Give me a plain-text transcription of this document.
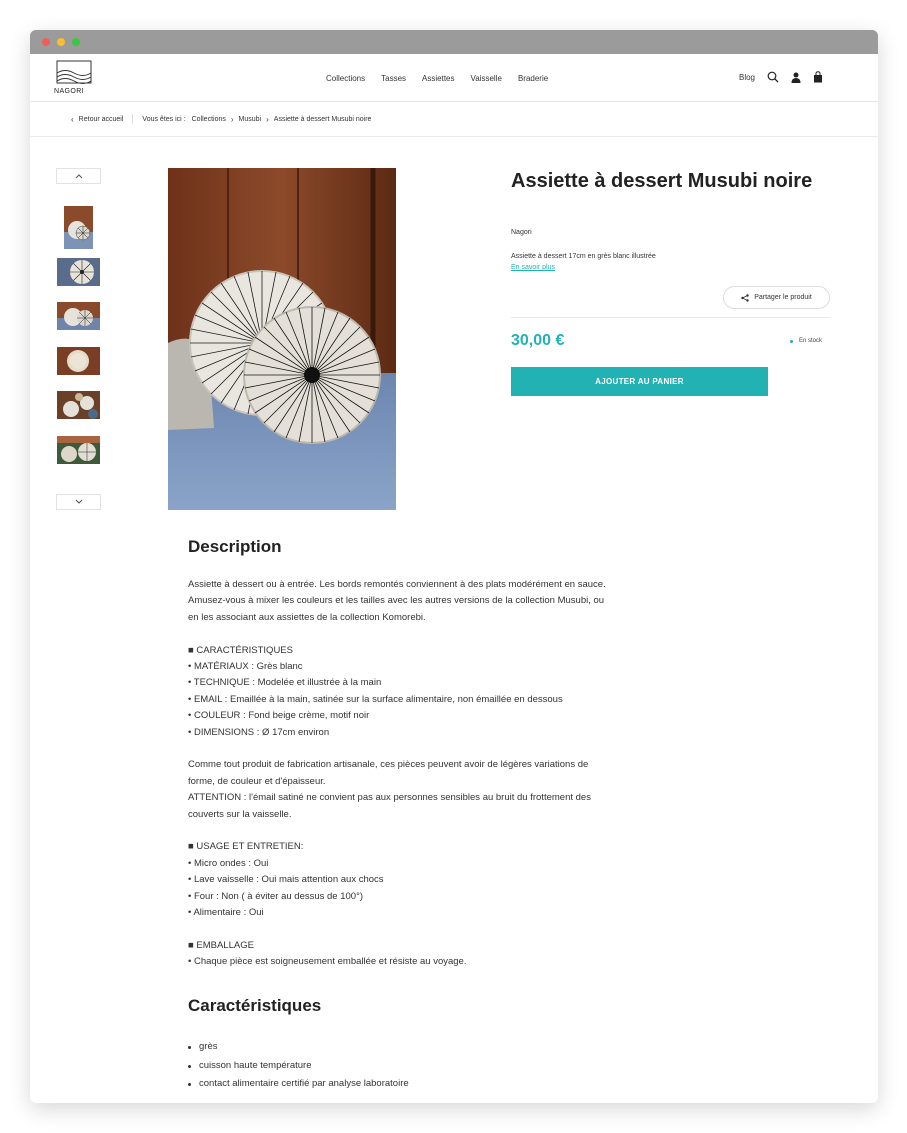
NAGORI
Collections Tasses Assiettes Vaisselle Braderie	Blog
‹ Retour accueil	Vous êtes ici : Collections › Musubi › Assiette à dessert Musubi noire
Assiette à dessert Musubi noire
Nagori
Assiette à dessert 17cm en grès blanc illustrée
En savoir plus
Partager le produit
30,00 €	En stock
AJOUTER AU PANIER
Description

Assiette à dessert ou à entrée. Les bords remontés conviennent à des plats modérément en sauce.
Amusez-vous à mixer les couleurs et les tailles avec les autres versions de la collection Musubi, ou
en les associant aux assiettes de la collection Komorebi.

■ CARACTÉRISTIQUES
• MATÉRIAUX : Grès blanc
• TECHNIQUE : Modelée et illustrée à la main
• EMAIL : Emaillée à la main, satinée sur la surface alimentaire, non émaillée en dessous
• COULEUR : Fond beige crème, motif noir
• DIMENSIONS : Ø 17cm environ

Comme tout produit de fabrication artisanale, ces pièces peuvent avoir de légères variations de
forme, de couleur et d'épaisseur.
ATTENTION : l'émail satiné ne convient pas aux personnes sensibles au bruit du frottement des
couverts sur la vaisselle.

■ USAGE ET ENTRETIEN:
• Micro ondes : Oui
• Lave vaisselle : Oui mais attention aux chocs
• Four : Non ( à éviter au dessus de 100°)
• Alimentaire : Oui

■ EMBALLAGE
• Chaque pièce est soigneusement emballée et résiste au voyage.

Caractéristiques
grès
cuisson haute température
contact alimentaire certifié par analyse laboratoire
